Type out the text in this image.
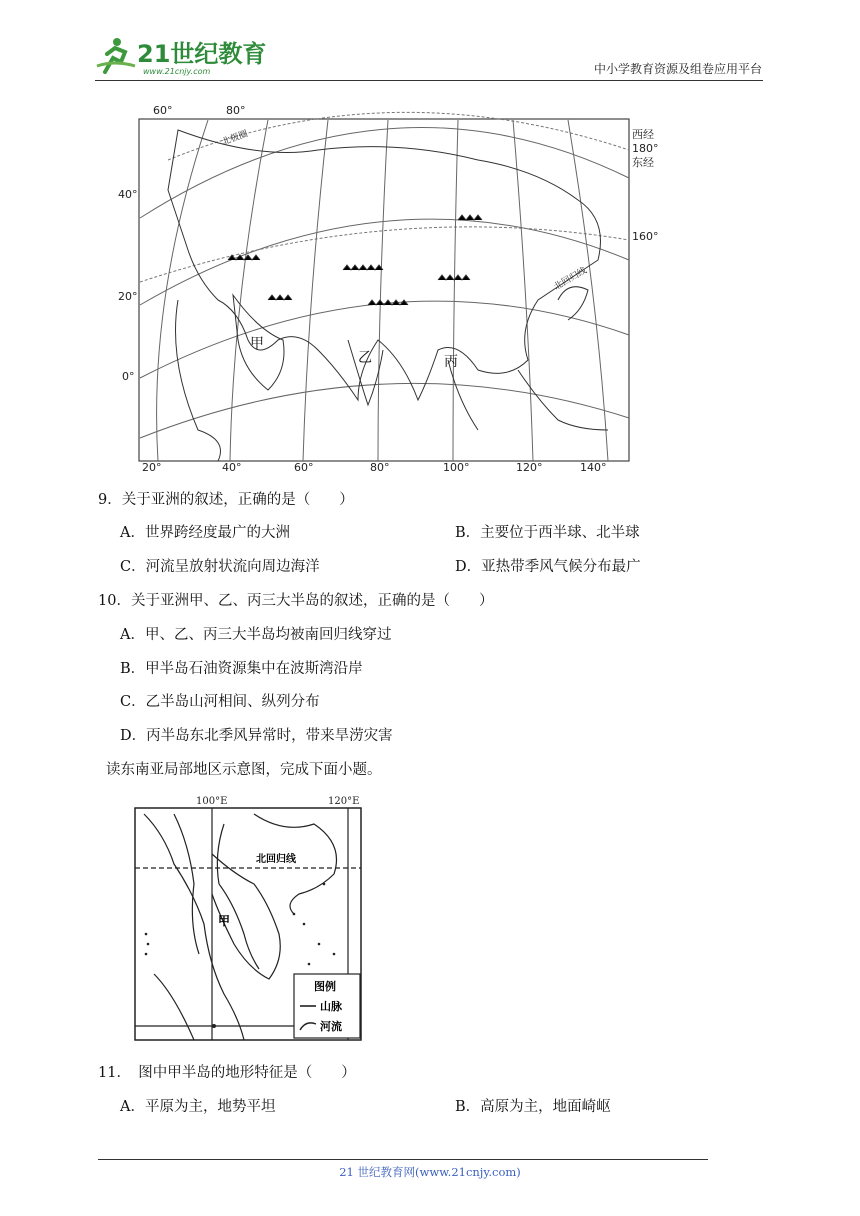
21世纪教育
www.21cnjy.com	中小学教育资源及组卷应用平台
60°	80°
40°
20°
0°
20°	40°	60°	80°	100°	120°	140°
西经
180°
东经
160°
北极圈
北回归线
甲
乙	丙
9．关于亚洲的叙述，正确的是（　　）
A．世界跨经度最广的大洲	B．主要位于西半球、北半球
C．河流呈放射状流向周边海洋	D．亚热带季风气候分布最广
10．关于亚洲甲、乙、丙三大半岛的叙述，正确的是（　　）
A．甲、乙、丙三大半岛均被南回归线穿过
B．甲半岛石油资源集中在波斯湾沿岸
C．乙半岛山河相间、纵列分布
D．丙半岛东北季风异常时，带来旱涝灾害
读东南亚局部地区示意图，完成下面小题。
100°E	120°E
北回归线
甲
图例
山脉
河流
11．　图中甲半岛的地形特征是（　　）
A．平原为主，地势平坦	B．高原为主，地面崎岖
21 世纪教育网(www.21cnjy.com)
